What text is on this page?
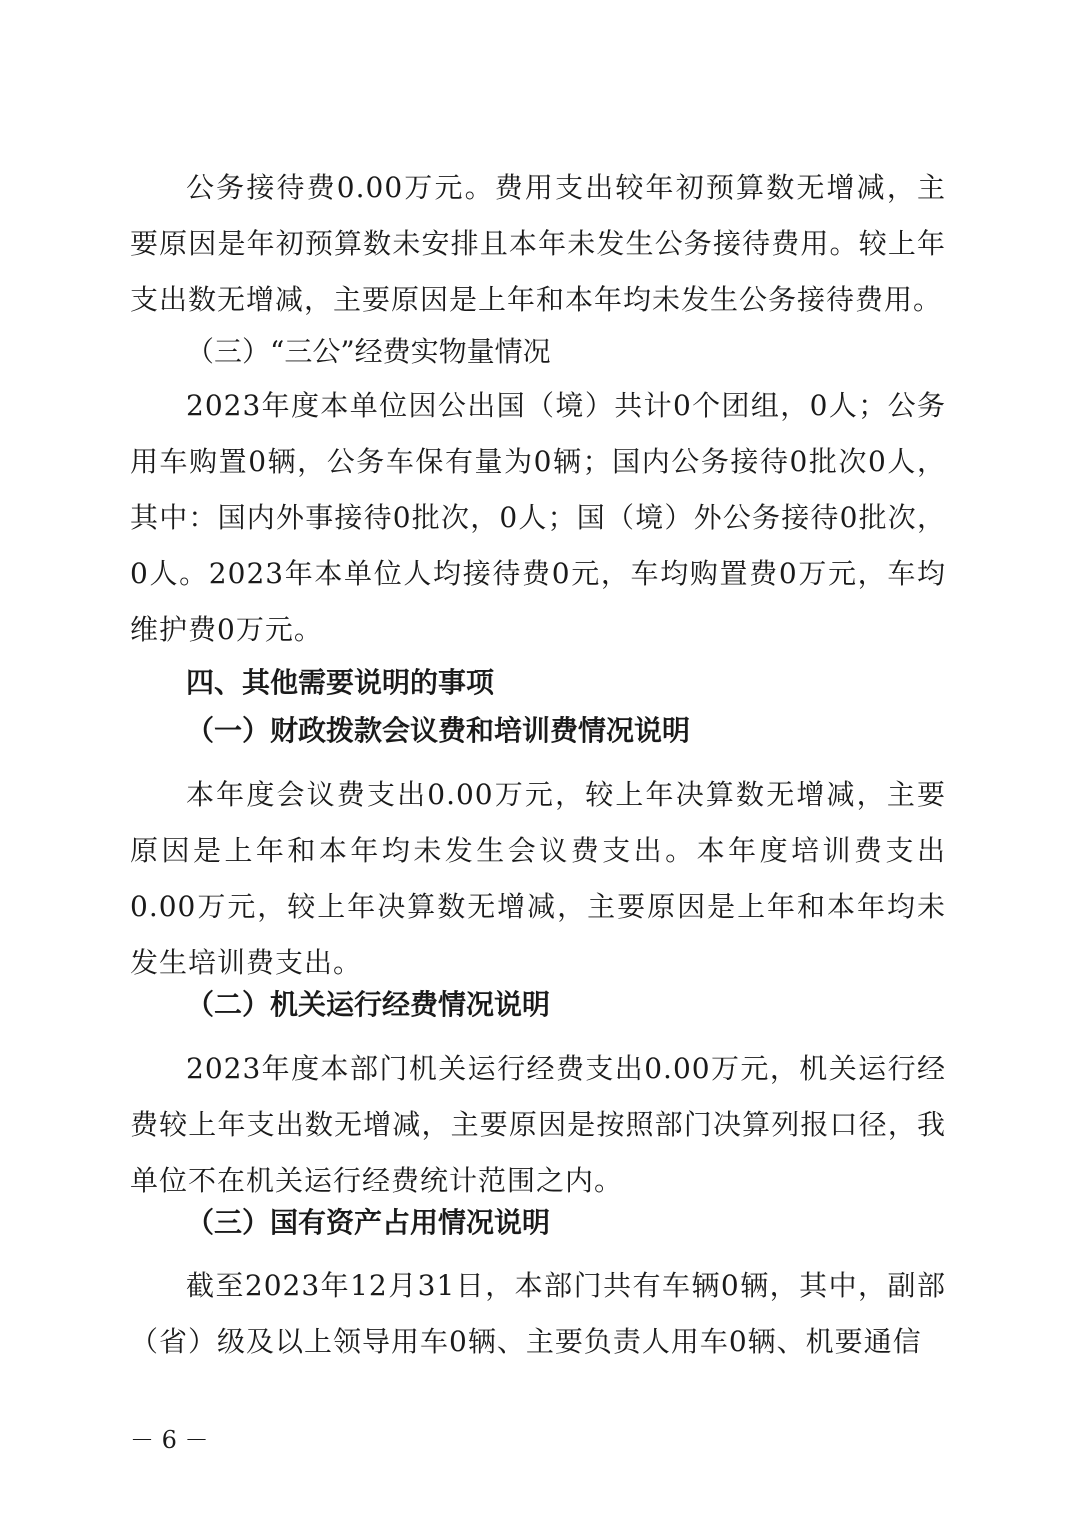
公务接待费0.00万元。费用支出较年初预算数无增减，主要原因是年初预算数未安排且本年未发生公务接待费用。较上年支出数无增减，主要原因是上年和本年均未发生公务接待费用。

（三）“三公”经费实物量情况

2023年度本单位因公出国（境）共计0个团组，0人；公务用车购置0辆，公务车保有量为0辆；国内公务接待0批次0人，其中：国内外事接待0批次，0人；国（境）外公务接待0批次，0人。2023年本单位人均接待费0元，车均购置费0万元，车均维护费0万元。

四、其他需要说明的事项

（一）财政拨款会议费和培训费情况说明

本年度会议费支出0.00万元，较上年决算数无增减，主要原因是上年和本年均未发生会议费支出。本年度培训费支出0.00万元，较上年决算数无增减，主要原因是上年和本年均未发生培训费支出。

（二）机关运行经费情况说明

2023年度本部门机关运行经费支出0.00万元，机关运行经费较上年支出数无增减，主要原因是按照部门决算列报口径，我单位不在机关运行经费统计范围之内。

（三）国有资产占用情况说明

截至2023年12月31日，本部门共有车辆0辆，其中，副部（省）级及以上领导用车0辆、主要负责人用车0辆、机要通信

－ 6 －
